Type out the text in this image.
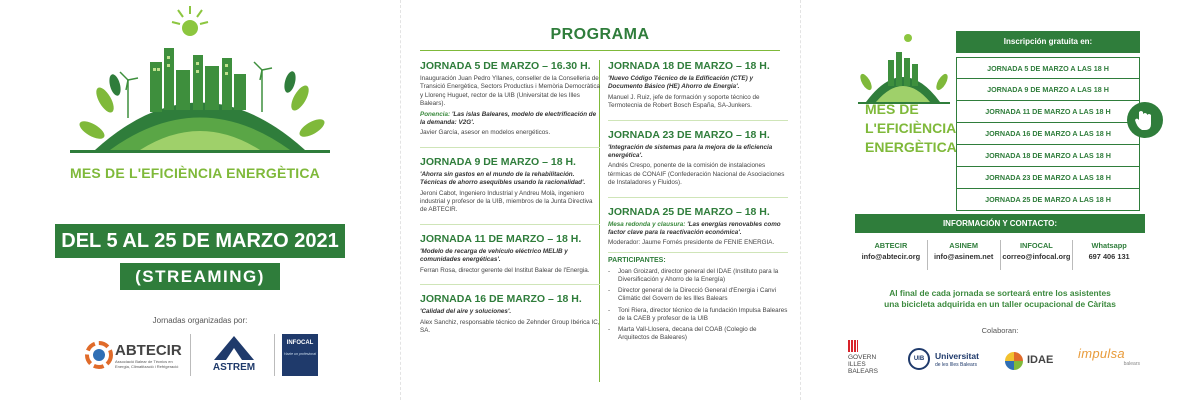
MES DE L'EFICIÈNCIA ENERGÈTICA
DEL 5 AL 25 DE MARZO 2021
(STREAMING)
Jornadas organizadas por:
ABTECIR
Associació Balear de Tècnics en Energia, Climatització i Refrigeració	ASTREM
INFOCAL
Hazte un profesional
PROGRAMA
JORNADA 5 DE MARZO – 16.30 H.
Inauguración Juan Pedro Yllanes, conseller de la Conselleria de Transició Energètica, Sectors Productius i Memòria Democràtica y Llorenç Huguet, rector de la UIB (Universitat de les Illes Balears).
Ponencia: 'Las islas Baleares, modelo de electrificación de la demanda: V2G'.
Javier García, asesor en modelos energéticos.
JORNADA 9 DE MARZO – 18 H.
'Ahorra sin gastos en el mundo de la rehabilitación. Técnicas de ahorro asequibles usando la racionalidad'.
Jeroni Cabot, Ingeniero Industrial y Andreu Molà, ingeniero industrial y profesor de la UIB, miembros de la Junta Directiva de ABTECIR.
JORNADA 11 DE MARZO – 18 H.
'Modelo de recarga de vehículo eléctrico MELIB y comunidades energéticas'.
Ferran Rosa, director gerente del Institut Balear de l'Energia.
JORNADA 16 DE MARZO – 18 H.
'Calidad del aire y soluciones'.
Alex Sanchiz, responsable técnico de Zehnder Group Ibérica IC, SA.
JORNADA 18 DE MARZO – 18 H.
'Nuevo Código Técnico de la Edificación (CTE) y Documento Básico (HE) Ahorro de Energía'.
Manuel J. Ruiz, jefe de formación y soporte técnico de Termotecnia de Robert Bosch España, SA-Junkers.
JORNADA 23 DE MARZO – 18 H.
'Integración de sistemas para la mejora de la eficiencia energética'.
Andrés Crespo, ponente de la comisión de instalaciones térmicas de CONAIF (Confederación Nacional de Asociaciones de Instaladores y Fluidos).
JORNADA 25 DE MARZO – 18 H.
Mesa redonda y clausura: 'Las energías renovables como factor clave para la reactivación económica'.
Moderador: Jaume Fornés presidente de FENIE ENERGIA.
PARTICIPANTES:
-	Joan Groizard, director general del IDAE (Instituto para la Diversificación y Ahorro de la Energía)
-	Director general de la Direcció General d'Energia i Canvi Climàtic del Govern de les Illes Balears
-	Toni Riera, director técnico de la fundación Impulsa Baleares de la CAEB y profesor de la UIB
-	Marta Vall-Llosera, decana del COAB (Colegio de Arquitectos de Baleares)
MES DE
L'EFICIÈNCIA
ENERGÈTICA
Inscripción gratuita en:
JORNADA 5 DE MARZO A LAS 18 H
JORNADA 9 DE MARZO A LAS 18 H
JORNADA 11 DE MARZO A LAS 18 H
JORNADA 16 DE MARZO A LAS 18 H
JORNADA 18 DE MARZO A LAS 18 H
JORNADA 23 DE MARZO A LAS 18 H
JORNADA 25 DE MARZO A LAS 18 H
INFORMACIÓN Y CONTACTO:
ABTECIR
info@abtecir.org
ASINEM
info@asinem.net
INFOCAL
correo@infocal.org
Whatsapp
697 406 131
Al final de cada jornada se sorteará entre los asistentes
una bicicleta adquirida en un taller ocupacional de Càritas
Colaboran:
GOVERN
ILLES
BALEARS
UIB	Universitat
de les Illes Balears	IDAE impulsa
balears
